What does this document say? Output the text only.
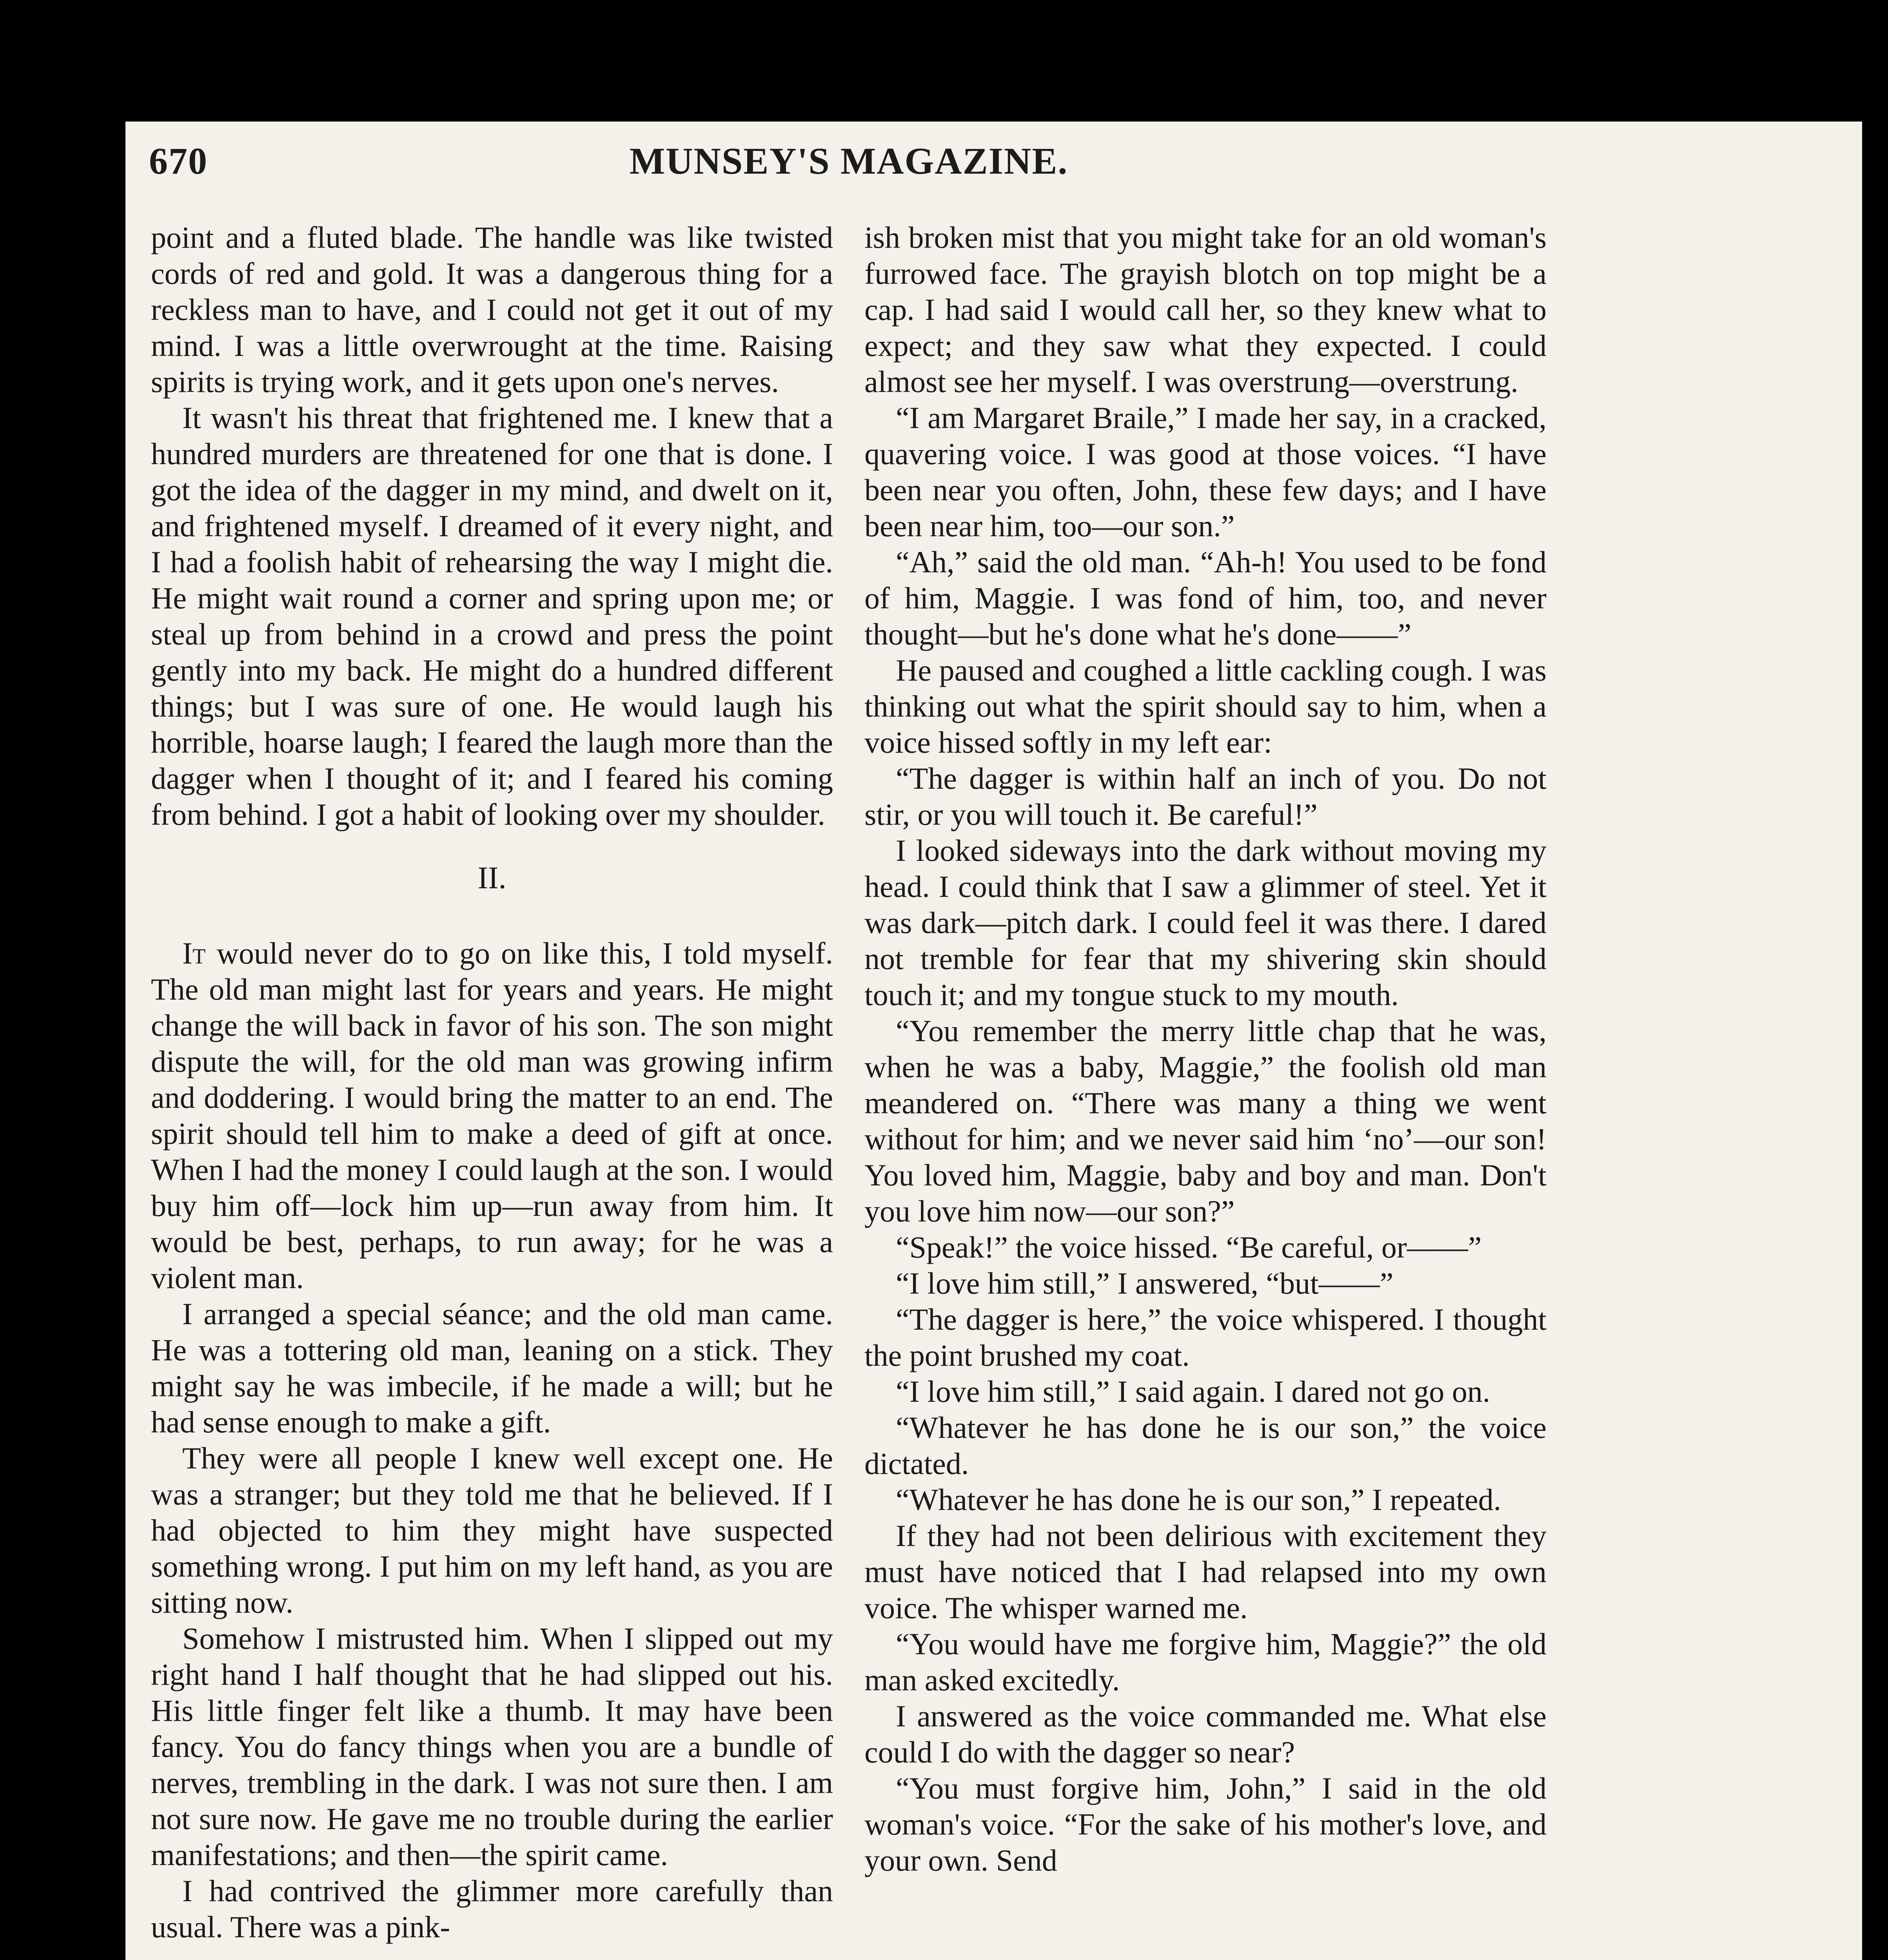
670	MUNSEY'S MAGAZINE.

point and a fluted blade. The handle was like twisted cords of red and gold. It was a dangerous thing for a reckless man to have, and I could not get it out of my mind. I was a little overwrought at the time. Raising spirits is trying work, and it gets upon one's nerves.

It wasn't his threat that frightened me. I knew that a hundred murders are threatened for one that is done. I got the idea of the dagger in my mind, and dwelt on it, and frightened myself. I dreamed of it every night, and I had a foolish habit of rehearsing the way I might die. He might wait round a corner and spring upon me; or steal up from behind in a crowd and press the point gently into my back. He might do a hundred different things; but I was sure of one. He would laugh his horrible, hoarse laugh; I feared the laugh more than the dagger when I thought of it; and I feared his coming from behind. I got a habit of looking over my shoulder.

II.

It would never do to go on like this, I told myself. The old man might last for years and years. He might change the will back in favor of his son. The son might dispute the will, for the old man was growing infirm and doddering. I would bring the matter to an end. The spirit should tell him to make a deed of gift at once. When I had the money I could laugh at the son. I would buy him off—lock him up—run away from him. It would be best, perhaps, to run away; for he was a violent man.

I arranged a special séance; and the old man came. He was a tottering old man, leaning on a stick. They might say he was imbecile, if he made a will; but he had sense enough to make a gift.

They were all people I knew well except one. He was a stranger; but they told me that he believed. If I had objected to him they might have suspected something wrong. I put him on my left hand, as you are sitting now.

Somehow I mistrusted him. When I slipped out my right hand I half thought that he had slipped out his. His little finger felt like a thumb. It may have been fancy. You do fancy things when you are a bundle of nerves, trembling in the dark. I was not sure then. I am not sure now. He gave me no trouble during the earlier manifestations; and then—the spirit came.

I had contrived the glimmer more carefully than usual. There was a pink-

ish broken mist that you might take for an old woman's furrowed face. The grayish blotch on top might be a cap. I had said I would call her, so they knew what to expect; and they saw what they expected. I could almost see her myself. I was overstrung—overstrung.

“I am Margaret Braile,” I made her say, in a cracked, quavering voice. I was good at those voices. “I have been near you often, John, these few days; and I have been near him, too—our son.”

“Ah,” said the old man. “Ah-h! You used to be fond of him, Maggie. I was fond of him, too, and never thought—but he's done what he's done——”

He paused and coughed a little cackling cough. I was thinking out what the spirit should say to him, when a voice hissed softly in my left ear:

“The dagger is within half an inch of you. Do not stir, or you will touch it. Be careful!”

I looked sideways into the dark without moving my head. I could think that I saw a glimmer of steel. Yet it was dark—pitch dark. I could feel it was there. I dared not tremble for fear that my shivering skin should touch it; and my tongue stuck to my mouth.

“You remember the merry little chap that he was, when he was a baby, Maggie,” the foolish old man meandered on. “There was many a thing we went without for him; and we never said him ‘no’—our son! You loved him, Maggie, baby and boy and man. Don't you love him now—our son?”

“Speak!” the voice hissed. “Be careful, or——”

“I love him still,” I answered, “but——”

“The dagger is here,” the voice whispered. I thought the point brushed my coat.

“I love him still,” I said again. I dared not go on.

“Whatever he has done he is our son,” the voice dictated.

“Whatever he has done he is our son,” I repeated.

If they had not been delirious with excitement they must have noticed that I had relapsed into my own voice. The whisper warned me.

“You would have me forgive him, Maggie?” the old man asked excitedly.

I answered as the voice commanded me. What else could I do with the dagger so near?

“You must forgive him, John,” I said in the old woman's voice. “For the sake of his mother's love, and your own. Send
